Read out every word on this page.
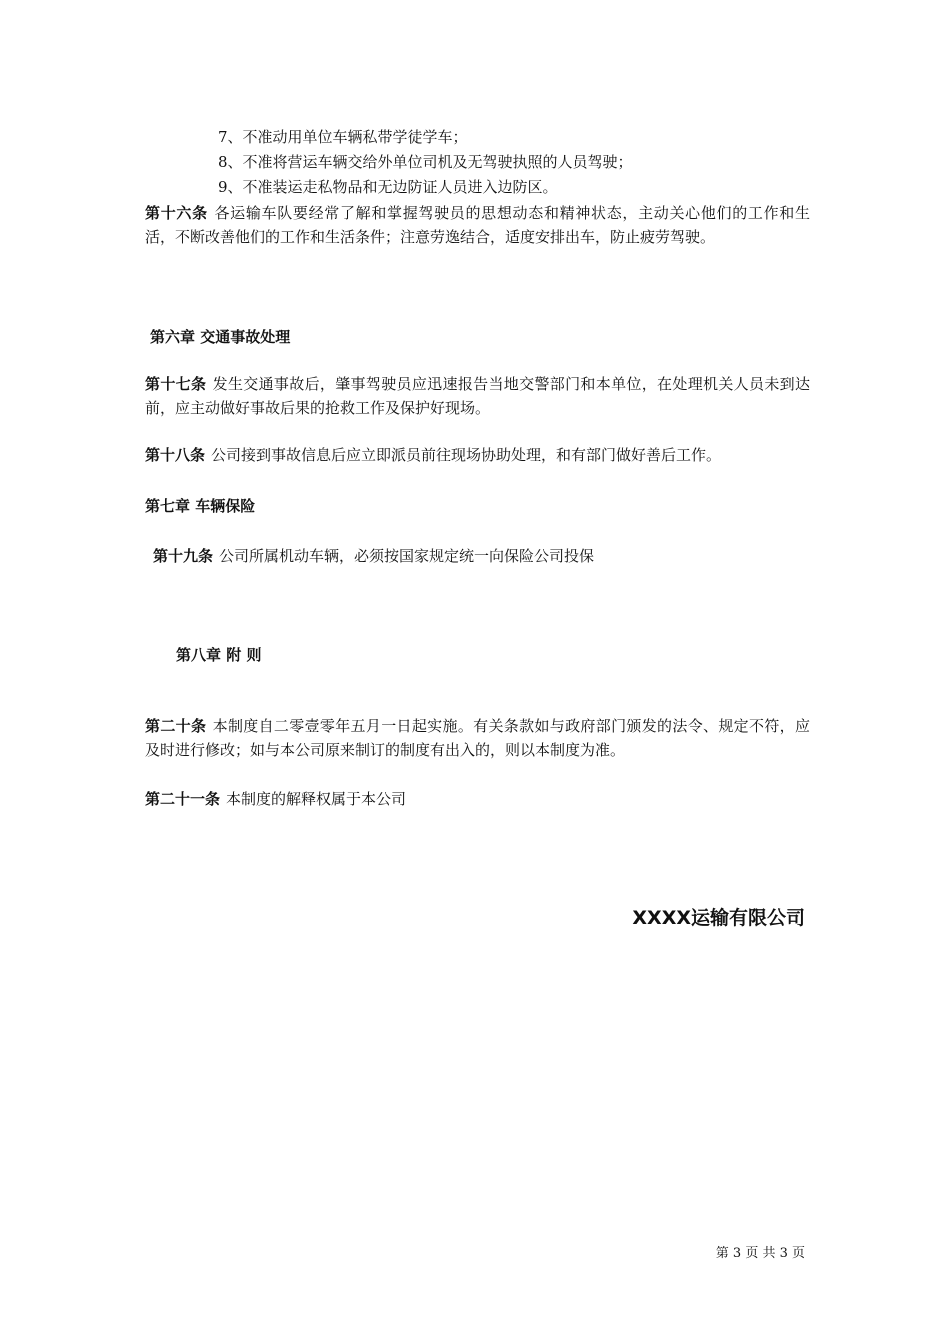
7、不准动用单位车辆私带学徒学车；
8、不准将营运车辆交给外单位司机及无驾驶执照的人员驾驶；
9、不准装运走私物品和无边防证人员进入边防区。
第十六条 各运输车队要经常了解和掌握驾驶员的思想动态和精神状态，主动关心他们的工作和生活，不断改善他们的工作和生活条件；注意劳逸结合，适度安排出车，防止疲劳驾驶。
第六章 交通事故处理
第十七条 发生交通事故后，肇事驾驶员应迅速报告当地交警部门和本单位，在处理机关人员未到达前，应主动做好事故后果的抢救工作及保护好现场。
第十八条 公司接到事故信息后应立即派员前往现场协助处理，和有部门做好善后工作。
第七章 车辆保险
第十九条 公司所属机动车辆，必须按国家规定统一向保险公司投保
第八章 附 则
第二十条 本制度自二零壹零年五月一日起实施。有关条款如与政府部门颁发的法令、规定不符，应及时进行修改；如与本公司原来制订的制度有出入的，则以本制度为准。
第二十一条 本制度的解释权属于本公司
XXXX运输有限公司
第 3 页 共 3 页
